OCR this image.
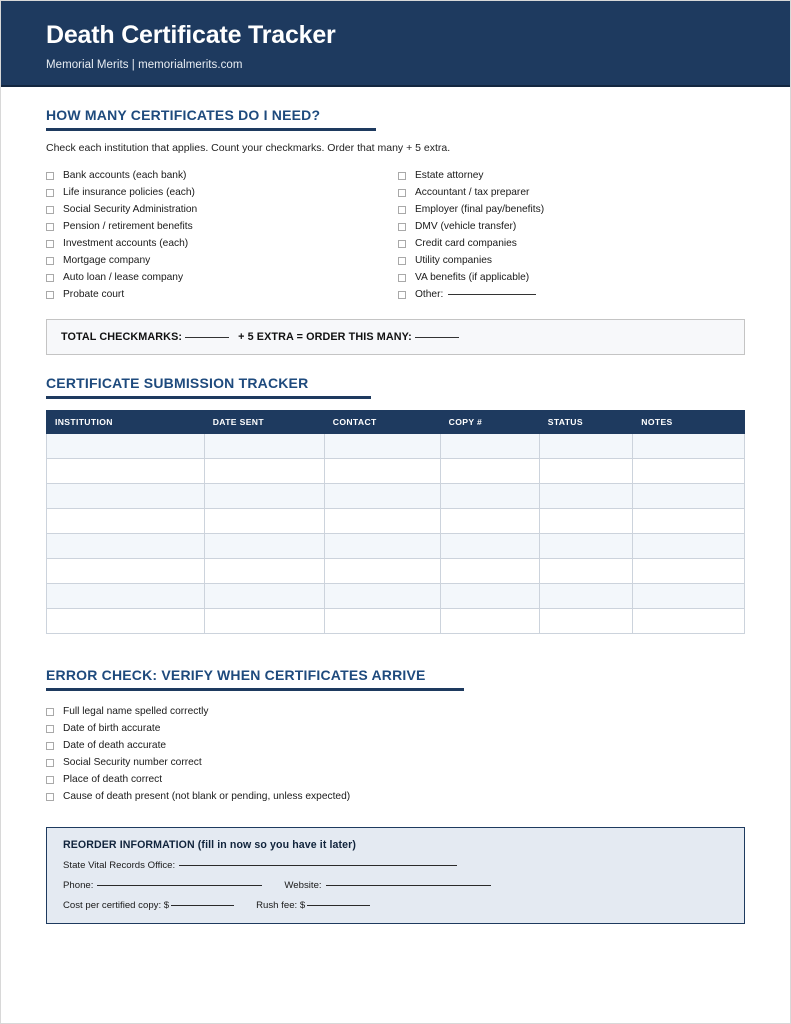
Death Certificate Tracker
Memorial Merits | memorialmerits.com
HOW MANY CERTIFICATES DO I NEED?
Check each institution that applies. Count your checkmarks. Order that many + 5 extra.
Bank accounts (each bank)
Life insurance policies (each)
Social Security Administration
Pension / retirement benefits
Investment accounts (each)
Mortgage company
Auto loan / lease company
Probate court
Estate attorney
Accountant / tax preparer
Employer (final pay/benefits)
DMV (vehicle transfer)
Credit card companies
Utility companies
VA benefits (if applicable)
Other:
TOTAL CHECKMARKS:	+ 5 EXTRA = ORDER THIS MANY:
CERTIFICATE SUBMISSION TRACKER
INSTITUTION	DATE SENT	CONTACT	COPY #	STATUS	NOTES

ERROR CHECK: VERIFY WHEN CERTIFICATES ARRIVE
Full legal name spelled correctly
Date of birth accurate
Date of death accurate
Social Security number correct
Place of death correct
Cause of death present (not blank or pending, unless expected)
REORDER INFORMATION (fill in now so you have it later)
State Vital Records Office:
Phone:	Website:
Cost per certified copy: $	Rush fee: $
